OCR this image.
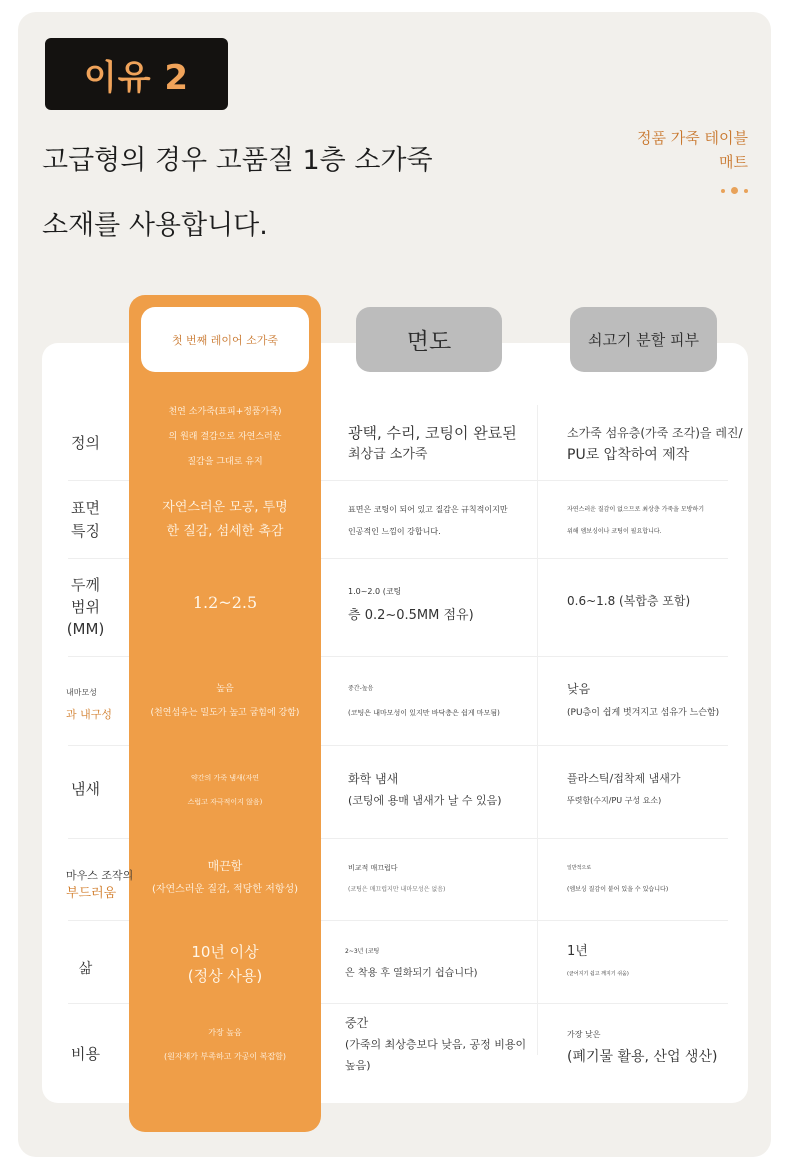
이유 2
고급형의 경우 고품질 1층 소가죽
소재를 사용합니다.
정품 가죽 테이블
매트
첫 번째 레이어 소가죽	면도	쇠고기 분할 피부
정의
천연 소가죽(표피+정품가죽)
의 원래 결감으로 자연스러운
질감을 그대로 유지
광택, 수리, 코팅이 완료된
최상급 소가죽
소가죽 섬유층(가죽 조각)을 레진/
PU로 압착하여 제작
표면
특징
자연스러운 모공, 투명
한 질감, 섬세한 촉감
표면은 코팅이 되어 있고 질감은 규칙적이지만
인공적인 느낌이 강합니다.
자연스러운 질감이 없으므로 최상층 가죽을 모방하기
위해 엠보싱이나 코팅이 필요합니다.
두께
범위
(MM)
1.2~2.5
1.0~2.0 (코팅
층 0.2~0.5MM 점유)
0.6~1.8 (복합층 포함)
내마모성
과 내구성
높음
(천연섬유는 밀도가 높고 굽힘에 강함)
중간-높음
(코팅은 내마모성이 있지만 바닥층은 쉽게 마모됨)
낮음
(PU층이 쉽게 벗겨지고 섬유가 느슨함)
냄새
약간의 가죽 냄새(자연
스럽고 자극적이지 않음)
화학 냄새
(코팅에 용매 냄새가 날 수 있음)
플라스틱/접착제 냄새가
뚜렷함(수지/PU 구성 요소)
마우스 조작의
부드러움
매끈함
(자연스러운 질감, 적당한 저항성)
비교적 매끄럽다
(코팅은 매끄럽지만 내마모성은 없음)
일반적으로
(엠보싱 질감이 붙어 있을 수 있습니다)
삶
10년 이상
(정상 사용)
2~3년 (코팅
은 착용 후 열화되기 쉽습니다)
1년
(균어지기 쉽고 깨지기 쉬움)
비용
가장 높음
(원자재가 부족하고 가공이 복잡함)
중간
(가죽의 최상층보다 낮음, 공정 비용이
높음)
가장 낮은
(폐기물 활용, 산업 생산)
